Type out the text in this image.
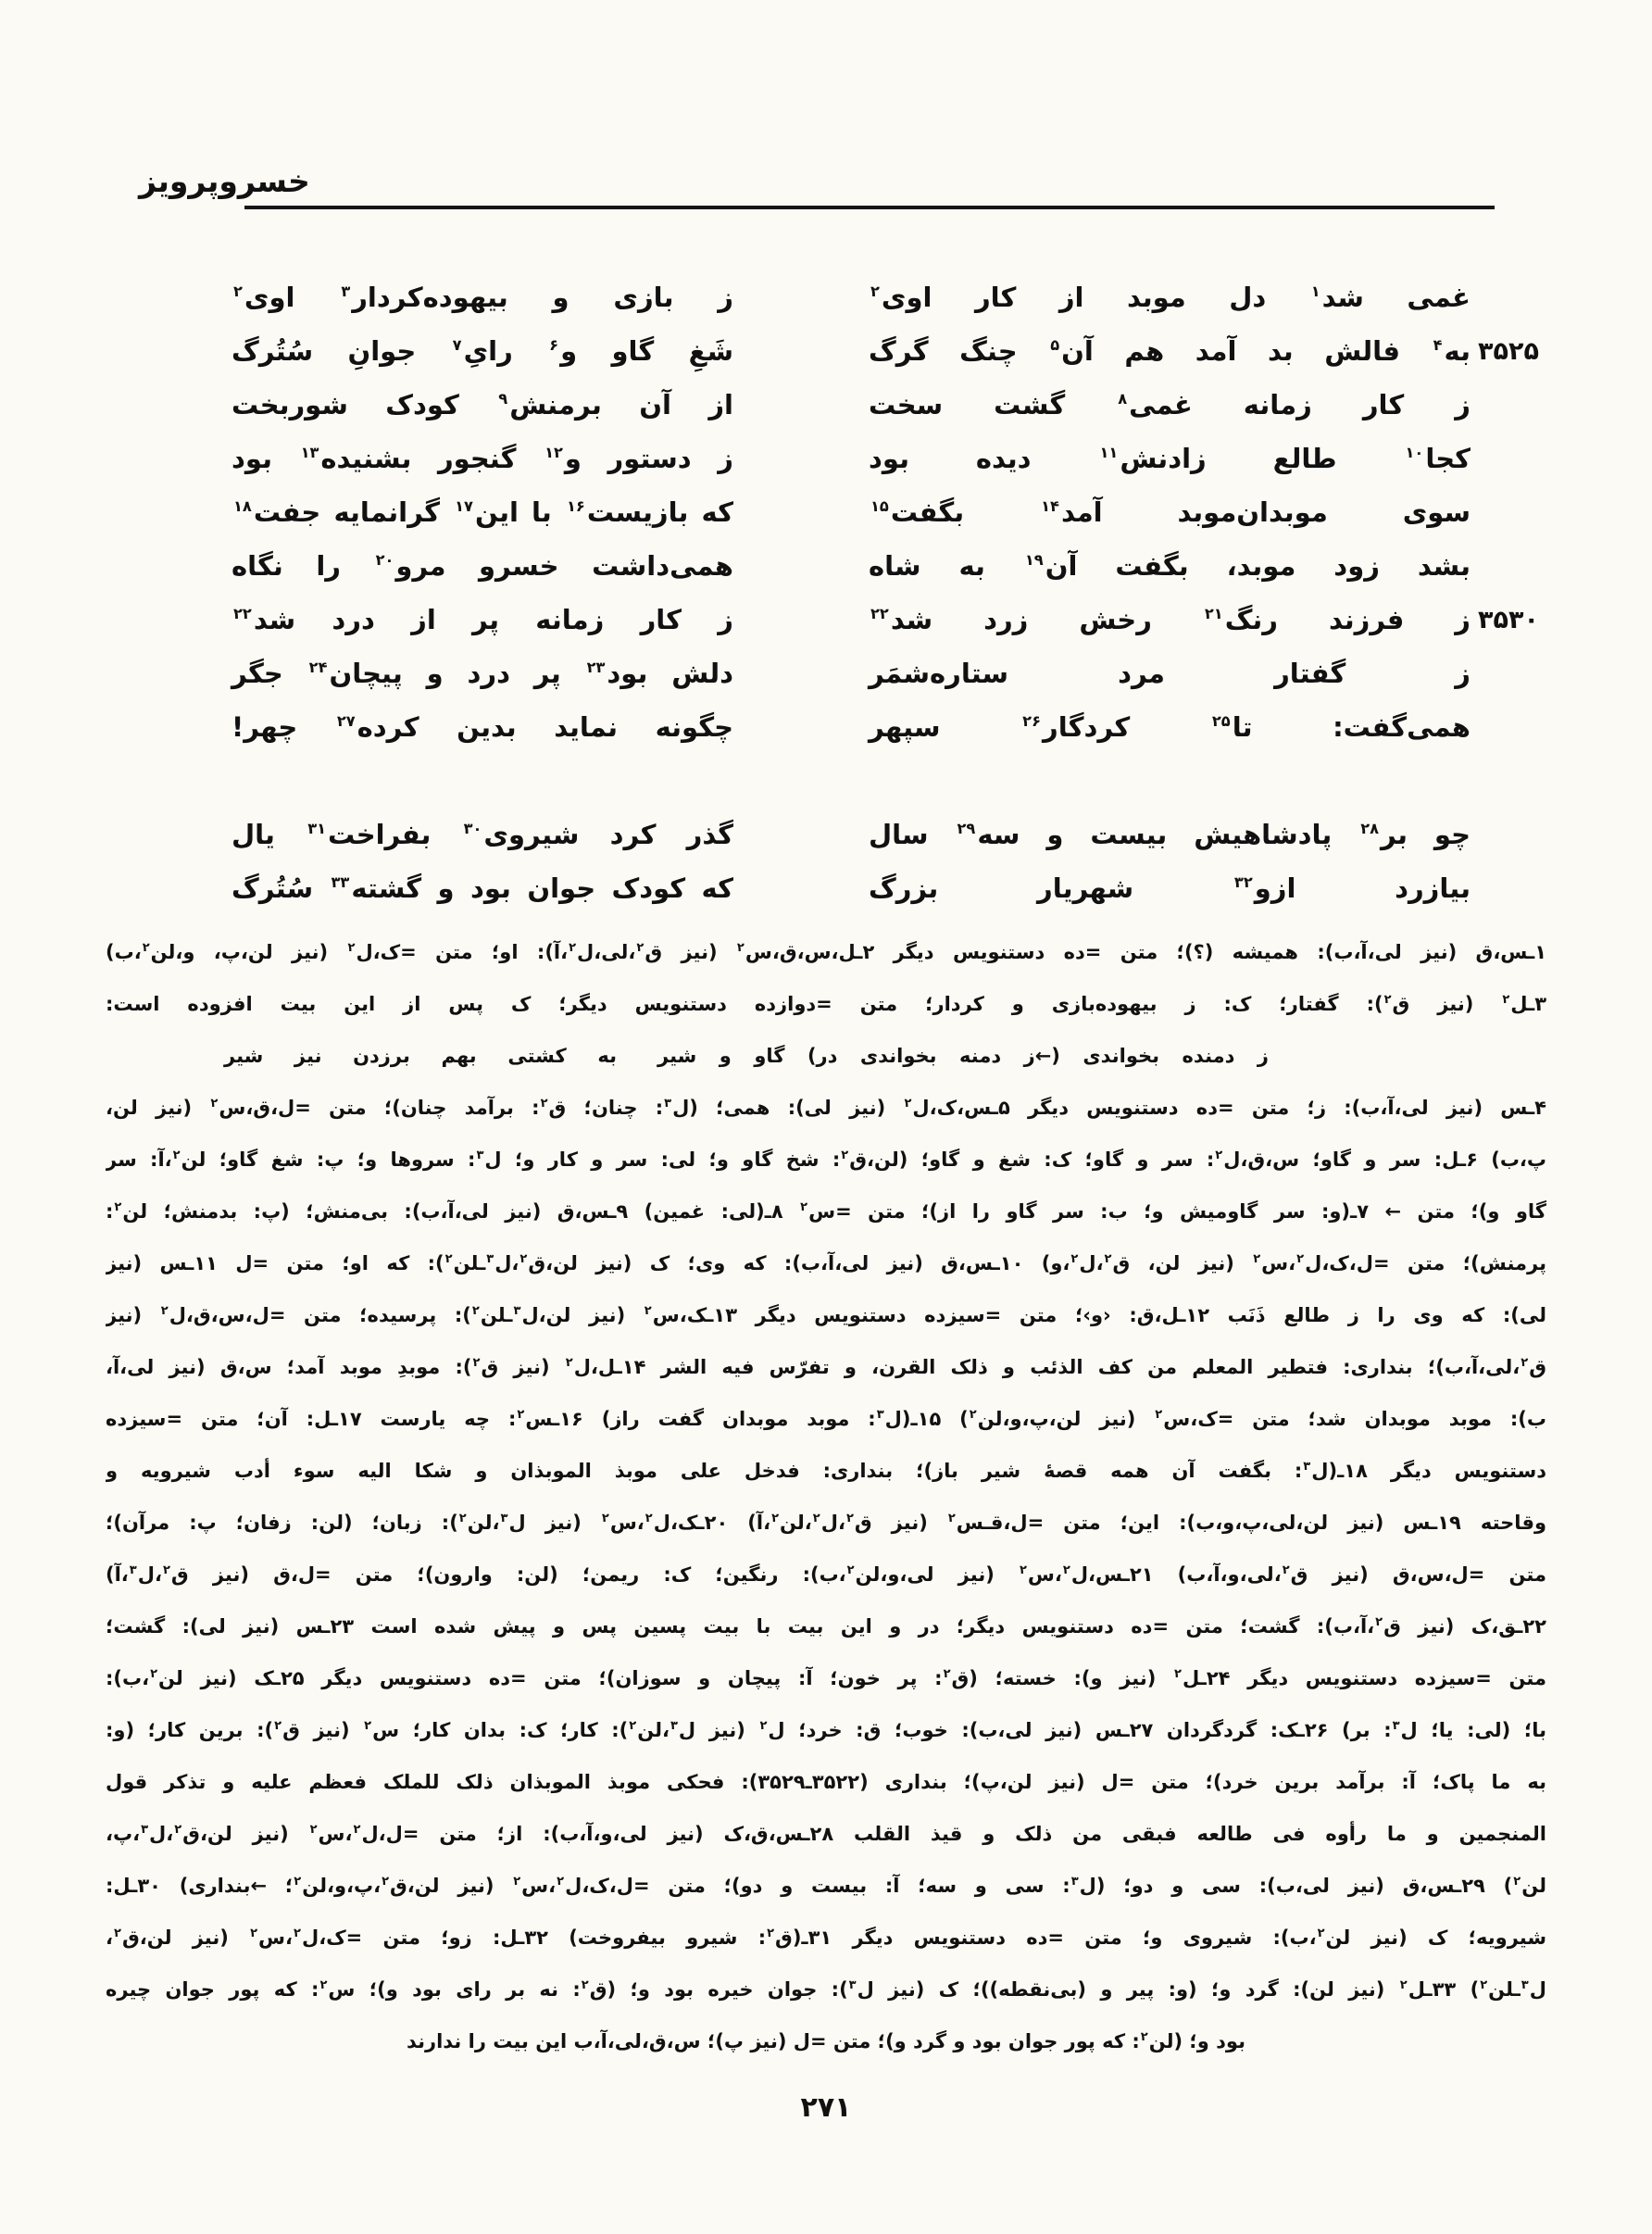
خسروپرویز
غمی شد$^۱$ دل موبد از کار اوی$^۲$
ز بازی و بیهوده‌کردار$^۳$ اوی$^۲$
۳۵۲۵
به$^۴$ فالش بد آمد هم آن$^۵$ چنگ گرگ
شَغِ گاو و$^۶$ رایِ$^۷$ جوانِ سُتُرگ
ز کار زمانه غمی$^۸$ گشت سخت
از آن برمنش$^۹$ کودک شوربخت
کجا$^{۱۰}$ طالع زادنش$^{۱۱}$ دیده بود
ز دستور و$^{۱۲}$ گنجور بشنیده$^{۱۳}$ بود
سوی موبدان‌موبد آمد$^{۱۴}$ بگفت$^{۱۵}$
که بازیست$^{۱۶}$ با این$^{۱۷}$ گرانمایه جفت$^{۱۸}$
بشد زود موبد، بگفت آن$^{۱۹}$ به شاه
همی‌داشت خسرو مرو$^{۲۰}$ را نگاه
۳۵۳۰
ز فرزند رنگ$^{۲۱}$ رخش زرد شد$^{۲۲}$
ز کار زمانه پر از درد شد$^{۲۲}$
ز گفتار مرد ستاره‌شمَر
دلش بود$^{۲۳}$ پر درد و پیچان$^{۲۴}$ جگر
همی‌گفت: تا$^{۲۵}$ کردگار$^{۲۶}$ سپهر
چگونه نماید بدین کرده$^{۲۷}$ چهر!
چو بر$^{۲۸}$ پادشاهیش بیست و سه$^{۲۹}$ سال
گذر کرد شیروی$^{۳۰}$ بفراخت$^{۳۱}$ یال
بیازرد ازو$^{۳۲}$ شهریار بزرگ
که کودک جوان بود و گشته$^{۳۳}$ سُتُرگ
۱ـس،ق (نیز لی،آ،ب): همیشه (؟)؛ متن =ده دستنویس دیگر ۲ـل،س،ق،س$^۲$ (نیز ق$^۲$،لی،ل$^۲$،آ): او؛ متن =ک،ل$^۲$ (نیز لن،پ، و،لن$^۲$،ب)
۳ـل$^۲$ (نیز ق$^۲$): گفتار؛ ک: ز بیهوده‌بازی و کردار؛ متن =دوازده دستنویس دیگر؛ ک پس از این بیت افزوده است:
ز دمنده بخواندی (←ز دمنه بخواندی در) گاو و شیر
به کشتی بهم برزدن نیز شیر
۴ـس (نیز لی،آ،ب): ز؛ متن =ده دستنویس دیگر ۵ـس،ک،ل$^۲$ (نیز لی): همی؛ (ل$^۳$: چنان؛ ق$^۲$: برآمد چنان)؛ متن =ل،ق،س$^۲$ (نیز لن،
پ،ب) ۶ـل: سر و گاو؛ س،ق،ل$^۲$: سر و گاو؛ ک: شغ و گاو؛ (لن،ق$^۲$: شخ گاو و؛ لی: سر و کار و؛ ل$^۳$: سروها و؛ پ: شغ گاو؛ لن$^۲$،آ: سر
گاو و)؛ متن ← ۷ـ(و: سر گاومیش و؛ ب: سر گاو را از)؛ متن =س$^۲$ ۸ـ(لی: غمین) ۹ـس،ق (نیز لی،آ،ب): بی‌منش؛ (پ: بدمنش؛ لن$^۲$:
پرمنش)؛ متن =ل،ک،ل$^۲$،س$^۲$ (نیز لن، ق$^۲$،ل$^۲$،و) ۱۰ـس،ق (نیز لی،آ،ب): که وی؛ ک (نیز لن،ق$^۲$،ل$^۳$ـلن$^۲$): که او؛ متن =ل ۱۱ـس (نیز
لی): که وی را ز طالع ذَنَب ۱۲ـل،ق: ‹و›؛ متن =سیزده دستنویس دیگر ۱۳ـک،س$^۲$ (نیز لن،ل$^۳$ـلن$^۲$): پرسیده؛ متن =ل،س،ق،ل$^۲$ (نیز
ق$^۲$،لی،آ،ب)؛ بنداری: فتطیر المعلم من کف الذئب و ذلک القرن، و تفرّس فیه الشر ۱۴ـل،ل$^۲$ (نیز ق$^۲$): موبدِ موبد آمد؛ س،ق (نیز لی،آ،
ب): موبد موبدان شد؛ متن =ک،س$^۲$ (نیز لن،پ،و،لن$^۲$) ۱۵ـ(ل$^۳$: موبد موبدان گفت راز) ۱۶ـس$^۲$: چه یارست ۱۷ـل: آن؛ متن =سیزده
دستنویس دیگر ۱۸ـ(ل$^۳$: بگفت آن همه قصهٔ شیر باز)؛ بنداری: فدخل علی موبذ الموبذان و شکا الیه سوء أدب شیرویه و
وقاحته ۱۹ـس (نیز لن،لی،پ،و،ب): این؛ متن =ل،قـس$^۲$ (نیز ق$^۲$،ل$^۲$،لن$^۲$،آ) ۲۰ـک،ل$^۲$،س$^۲$ (نیز ل$^۳$،لن$^۲$): زبان؛ (لن: زفان؛ پ: مرآن)؛
متن =ل،س،ق (نیز ق$^۲$،لی،و،آ،ب) ۲۱ـس،ل$^۲$،س$^۲$ (نیز لی،و،لن$^۲$،ب): رنگین؛ ک: ریمن؛ (لن: وارون)؛ متن =ل،ق (نیز ق$^۲$،ل$^۳$،آ)
۲۲ـق،ک (نیز ق$^۲$،آ،ب): گشت؛ متن =ده دستنویس دیگر؛ در و این بیت با بیت پسین پس و پیش شده است ۲۳ـس (نیز لی): گشت؛
متن =سیزده دستنویس دیگر ۲۴ـل$^۲$ (نیز و): خسته؛ (ق$^۲$: پر خون؛ آ: پیچان و سوزان)؛ متن =ده دستنویس دیگر ۲۵ـک (نیز لن$^۲$،ب):
با؛ (لی: یا؛ ل$^۳$: بر) ۲۶ـک: گردگردان ۲۷ـس (نیز لی،ب): خوب؛ ق: خرد؛ ل$^۲$ (نیز ل$^۳$،لن$^۲$): کار؛ ک: بدان کار؛ س$^۲$ (نیز ق$^۲$): برین کار؛ (و:
به ما پاک؛ آ: برآمد برین خرد)؛ متن =ل (نیز لن،پ)؛ بنداری (۳۵۲۲ـ۳۵۲۹): فحکی موبذ الموبذان ذلک للملک فعظم علیه و تذکر قول
المنجمین و ما رأوه فی طالعه فبقی من ذلک و قیذ القلب ۲۸ـس،ق،ک (نیز لی،و،آ،ب): از؛ متن =ل،ل$^۲$،س$^۲$ (نیز لن،ق$^۲$،ل$^۳$،پ،
لن$^۲$) ۲۹ـس،ق (نیز لی،ب): سی و دو؛ (ل$^۳$: سی و سه؛ آ: بیست و دو)؛ متن =ل،ک،ل$^۲$،س$^۲$ (نیز لن،ق$^۲$،پ،و،لن$^۲$؛ ←بنداری) ۳۰ـل:
شیرویه؛ ک (نیز لن$^۲$،ب): شیروی و؛ متن =ده دستنویس دیگر ۳۱ـ(ق$^۲$: شیرو بیفروخت) ۳۲ـل: زو؛ متن =ک،ل$^۲$،س$^۲$ (نیز لن،ق$^۲$،
ل$^۳$ـلن$^۲$) ۳۳ـل$^۲$ (نیز لن): گرد و؛ (و: پیر و (بی‌نقطه))؛ ک (نیز ل$^۳$): جوان خیره بود و؛ (ق$^۲$: نه بر رای بود و)؛ س$^۲$: که پور جوان چیره
بود و؛ (لن$^۲$: که پور جوان بود و گرد و)؛ متن =ل (نیز پ)؛ س،ق،لی،آ،ب این بیت را ندارند
۲۷۱
